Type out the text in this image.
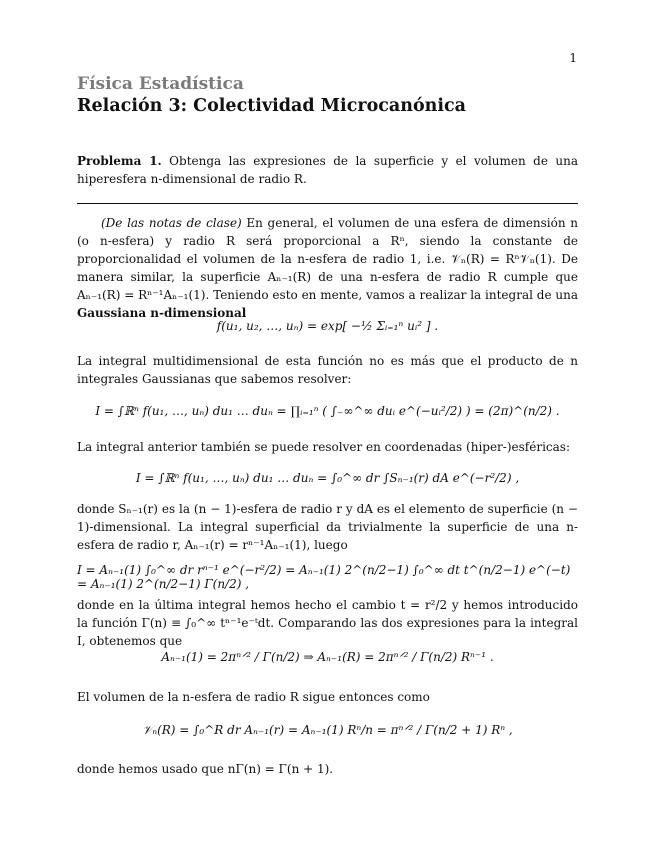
1
Física Estadística
Relación 3: Colectividad Microcanónica
Problema 1. Obtenga las expresiones de la superficie y el volumen de una hiperesfera n-dimensional de radio R.
(De las notas de clase) En general, el volumen de una esfera de dimensión n (o n-esfera) y radio R será proporcional a Rⁿ, siendo la constante de proporcionalidad el volumen de la n-esfera de radio 1, i.e. 𝒱ₙ(R) = Rⁿ𝒱ₙ(1). De manera similar, la superficie Aₙ₋₁(R) de una n-esfera de radio R cumple que Aₙ₋₁(R) = Rⁿ⁻¹Aₙ₋₁(1). Teniendo esto en mente, vamos a realizar la integral de una Gaussiana n-dimensional
f(u₁, u₂, …, uₙ) = exp[ −½ Σᵢ₌₁ⁿ uᵢ² ] .
La integral multidimensional de esta función no es más que el producto de n integrales Gaussianas que sabemos resolver:
I = ∫ℝⁿ f(u₁, …, uₙ) du₁ … duₙ = ∏ᵢ₌₁ⁿ ( ∫₋∞^∞ duᵢ e^(−uᵢ²/2) ) = (2π)^(n/2) .
La integral anterior también se puede resolver en coordenadas (hiper-)esféricas:
I = ∫ℝⁿ f(u₁, …, uₙ) du₁ … duₙ = ∫₀^∞ dr ∫Sₙ₋₁(r) dA e^(−r²/2) ,
donde Sₙ₋₁(r) es la (n − 1)-esfera de radio r y dA es el elemento de superficie (n − 1)-dimensional. La integral superficial da trivialmente la superficie de una n-esfera de radio r, Aₙ₋₁(r) = rⁿ⁻¹Aₙ₋₁(1), luego
I = Aₙ₋₁(1) ∫₀^∞ dr rⁿ⁻¹ e^(−r²/2) = Aₙ₋₁(1) 2^(n/2−1) ∫₀^∞ dt t^(n/2−1) e^(−t) = Aₙ₋₁(1) 2^(n/2−1) Γ(n/2) ,
donde en la última integral hemos hecho el cambio t = r²/2 y hemos introducido la función Γ(n) ≡ ∫₀^∞ tⁿ⁻¹e⁻ᵗdt. Comparando las dos expresiones para la integral I, obtenemos que
Aₙ₋₁(1) = 2πⁿᐟ² / Γ(n/2) ⇒ Aₙ₋₁(R) = 2πⁿᐟ² / Γ(n/2) Rⁿ⁻¹ .
El volumen de la n-esfera de radio R sigue entonces como
𝒱ₙ(R) = ∫₀^R dr Aₙ₋₁(r) = Aₙ₋₁(1) Rⁿ/n = πⁿᐟ² / Γ(n/2 + 1) Rⁿ ,
donde hemos usado que nΓ(n) = Γ(n + 1).
